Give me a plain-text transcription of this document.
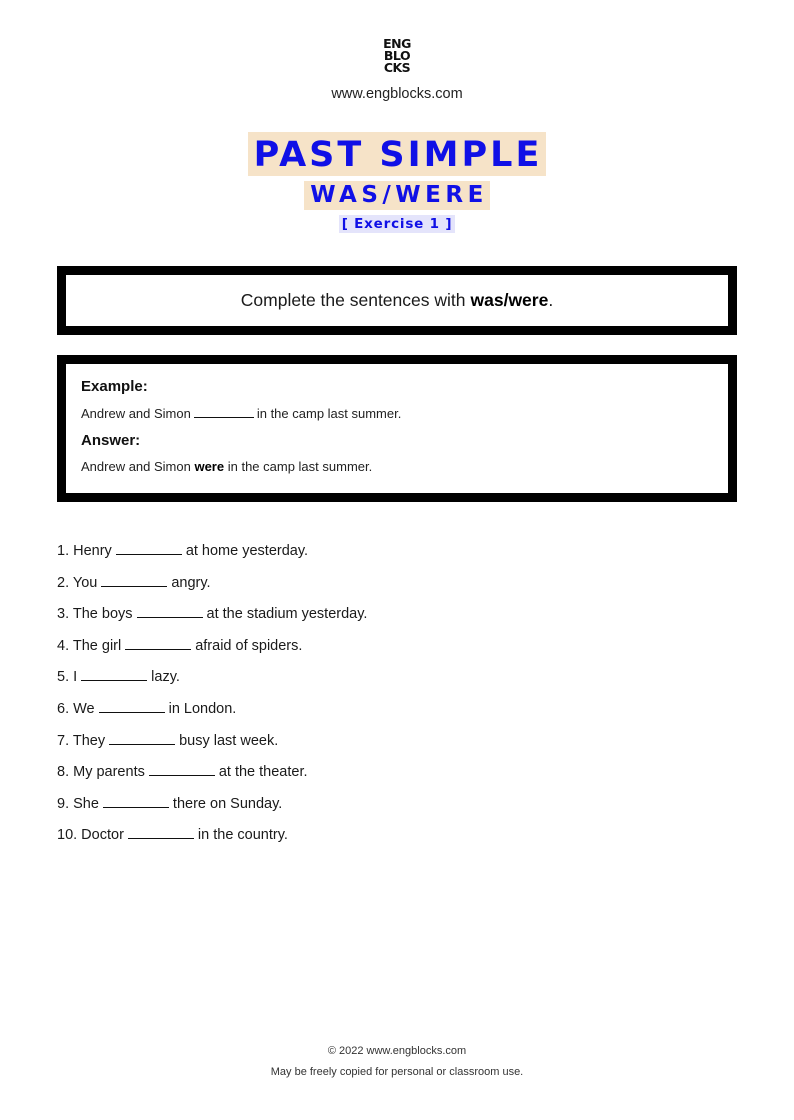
ENG
BLO
CKS
www.engblocks.com
PAST SIMPLE
WAS/WERE
[ Exercise 1 ]
Complete the sentences with was/were .
Example:
Andrew and Simon	in the camp last summer.
Answer:
Andrew and Simon were in the camp last summer.
1. Henry	at home yesterday.
2. You	angry.
3. The boys	at the stadium yesterday.
4. The girl	afraid of spiders.
5. I	lazy.
6. We	in London.
7. They	busy last week.
8. My parents	at the theater.
9. She	there on Sunday.
10. Doctor	in the country.
© 2022 www.engblocks.com
May be freely copied for personal or classroom use.
